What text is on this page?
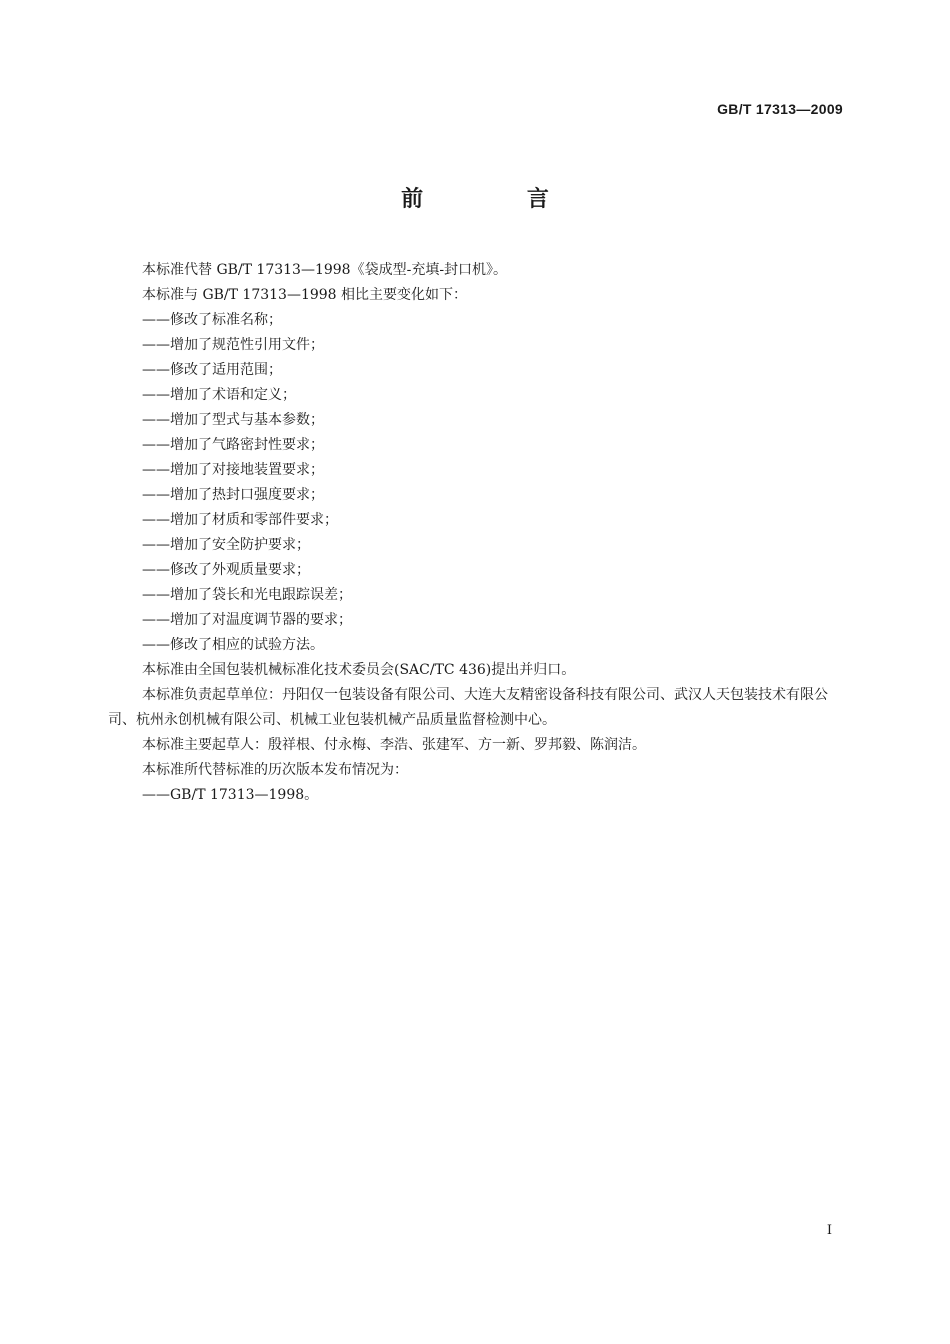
GB/T 17313—2009
前 言

本标准代替 GB/T 17313—1998《袋成型-充填-封口机》。

本标准与 GB/T 17313—1998 相比主要变化如下：

——修改了标准名称；

——增加了规范性引用文件；

——修改了适用范围；

——增加了术语和定义；

——增加了型式与基本参数；

——增加了气路密封性要求；

——增加了对接地装置要求；

——增加了热封口强度要求；

——增加了材质和零部件要求；

——增加了安全防护要求；

——修改了外观质量要求；

——增加了袋长和光电跟踪误差；

——增加了对温度调节器的要求；

——修改了相应的试验方法。

本标准由全国包装机械标准化技术委员会(SAC/TC 436)提出并归口。

本标准负责起草单位：丹阳仅一包装设备有限公司、大连大友精密设备科技有限公司、武汉人天包装技术有限公司、杭州永创机械有限公司、机械工业包装机械产品质量监督检测中心。

本标准主要起草人：殷祥根、付永梅、李浩、张建军、方一新、罗邦毅、陈润洁。

本标准所代替标准的历次版本发布情况为：

——GB/T 17313—1998。

I
